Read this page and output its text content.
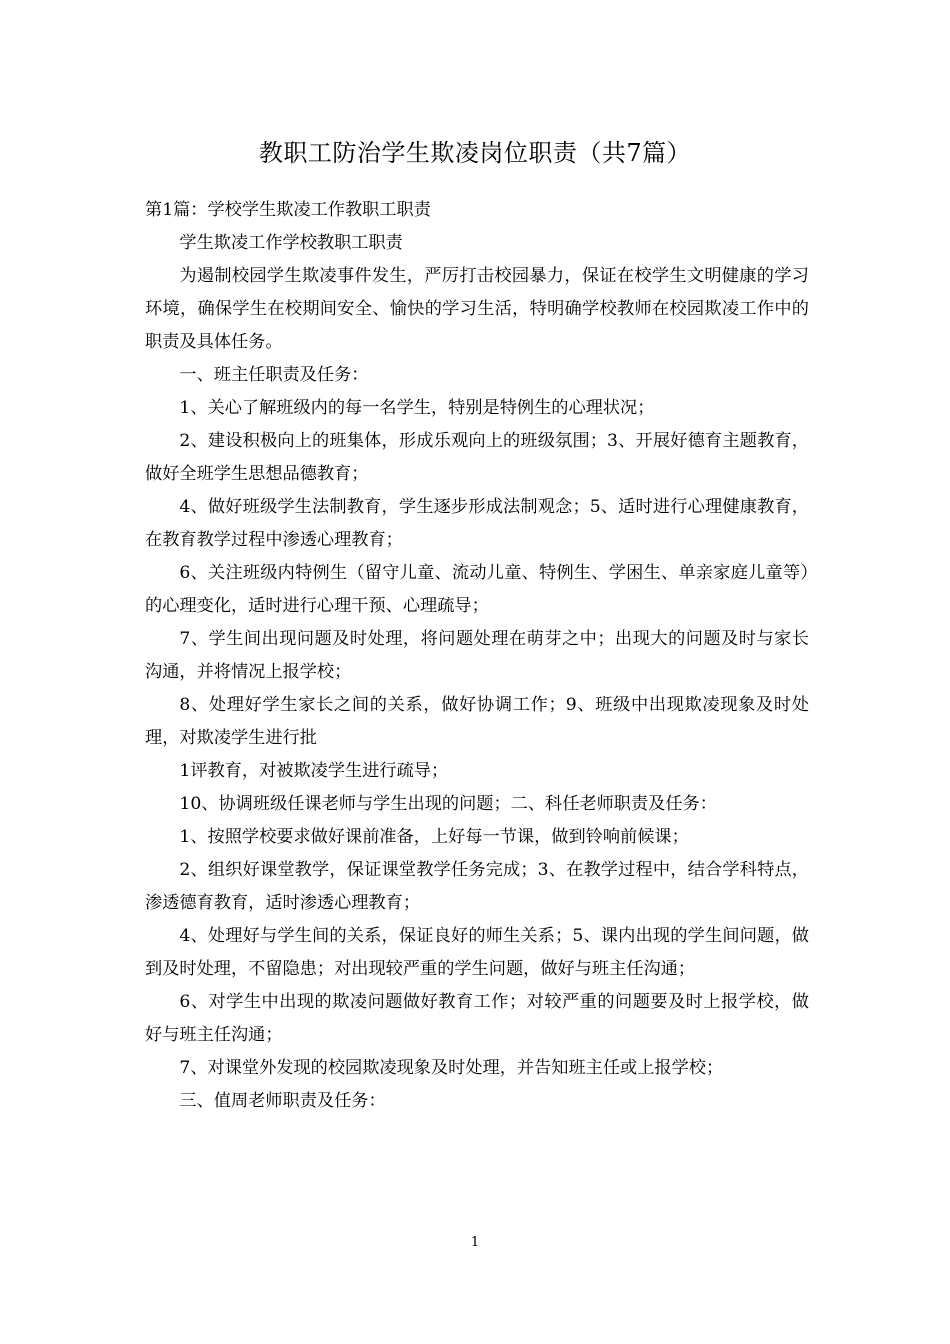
教职工防治学生欺凌岗位职责（共7篇）

第1篇：学校学生欺凌工作教职工职责

学生欺凌工作学校教职工职责

为遏制校园学生欺凌事件发生，严厉打击校园暴力，保证在校学生文明健康的学习环境，确保学生在校期间安全、愉快的学习生活，特明确学校教师在校园欺凌工作中的职责及具体任务。

一、班主任职责及任务：

1、关心了解班级内的每一名学生，特别是特例生的心理状况；

2、建设积极向上的班集体，形成乐观向上的班级氛围；3、开展好德育主题教育，做好全班学生思想品德教育；

4、做好班级学生法制教育，学生逐步形成法制观念；5、适时进行心理健康教育，在教育教学过程中渗透心理教育；

6、关注班级内特例生（留守儿童、流动儿童、特例生、学困生、单亲家庭儿童等）的心理变化，适时进行心理干预、心理疏导；

7、学生间出现问题及时处理，将问题处理在萌芽之中；出现大的问题及时与家长沟通，并将情况上报学校；

8、处理好学生家长之间的关系，做好协调工作；9、班级中出现欺凌现象及时处理，对欺凌学生进行批

1评教育，对被欺凌学生进行疏导；

10、协调班级任课老师与学生出现的问题；二、科任老师职责及任务：

1、按照学校要求做好课前准备，上好每一节课，做到铃响前候课；

2、组织好课堂教学，保证课堂教学任务完成；3、在教学过程中，结合学科特点，渗透德育教育，适时渗透心理教育；

4、处理好与学生间的关系，保证良好的师生关系；5、课内出现的学生间问题，做到及时处理，不留隐患；对出现较严重的学生问题，做好与班主任沟通；

6、对学生中出现的欺凌问题做好教育工作；对较严重的问题要及时上报学校，做好与班主任沟通；

7、对课堂外发现的校园欺凌现象及时处理，并告知班主任或上报学校；

三、值周老师职责及任务：

1
